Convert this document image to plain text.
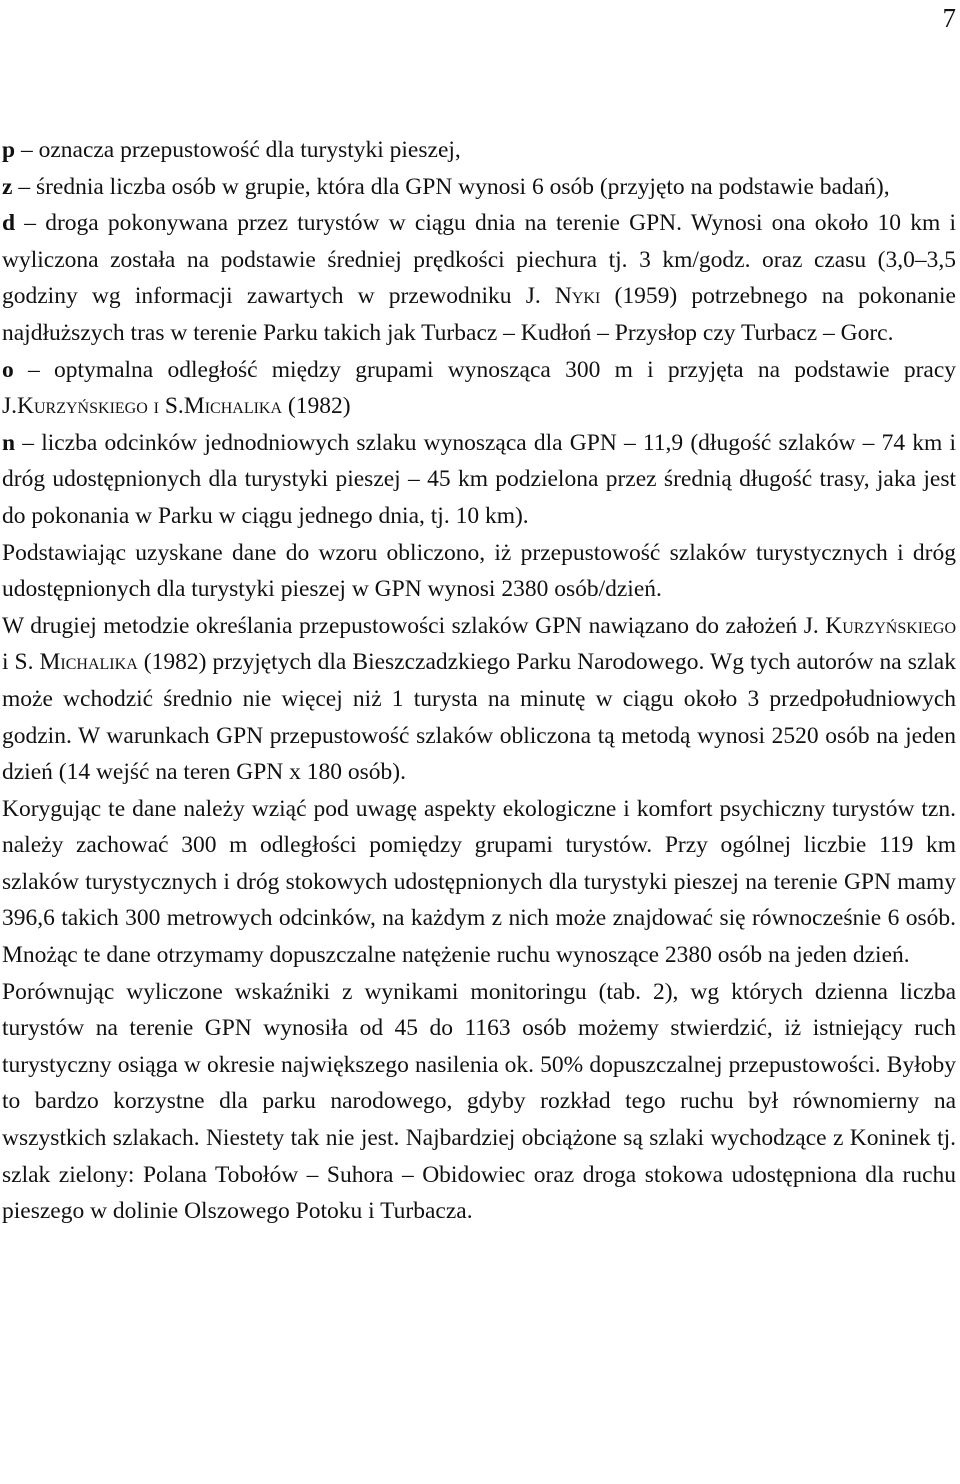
7

p – oznacza przepustowość dla turystyki pieszej,

z – średnia liczba osób w grupie, która dla GPN wynosi 6 osób (przyjęto na podstawie badań),

d – droga pokonywana przez turystów w ciągu dnia na terenie GPN. Wynosi ona około 10 km i wyliczona została na podstawie średniej prędkości piechura tj. 3 km/godz. oraz czasu (3,0–3,5 godziny wg informacji zawartych w przewodniku J. Nyki (1959) potrzebnego na pokonanie najdłuższych tras w terenie Parku takich jak Turbacz – Kudłoń – Przysłop czy Turbacz – Gorc.

o – optymalna odległość między grupami wynosząca 300 m i przyjęta na podstawie pracy J.Kurzyńskiego i S.Michalika (1982)

n – liczba odcinków jednodniowych szlaku wynosząca dla GPN – 11,9 (długość szlaków – 74 km i dróg udostępnionych dla turystyki pieszej – 45 km podzielona przez średnią długość trasy, jaka jest do pokonania w Parku w ciągu jednego dnia, tj. 10 km).

Podstawiając uzyskane dane do wzoru obliczono, iż przepustowość szlaków turystycznych i dróg udostępnionych dla turystyki pieszej w GPN wynosi 2380 osób/dzień.

W drugiej metodzie określania przepustowości szlaków GPN nawiązano do założeń J. Kurzyńskiego i S. Michalika (1982) przyjętych dla Bieszczadzkiego Parku Narodowego. Wg tych autorów na szlak może wchodzić średnio nie więcej niż 1 turysta na minutę w ciągu około 3 przedpołudniowych godzin. W warunkach GPN przepustowość szlaków obliczona tą metodą wynosi 2520 osób na jeden dzień (14 wejść na teren GPN x 180 osób).

Korygując te dane należy wziąć pod uwagę aspekty ekologiczne i komfort psychiczny turystów tzn. należy zachować 300 m odległości pomiędzy grupami turystów. Przy ogólnej liczbie 119 km szlaków turystycznych i dróg stokowych udostępnionych dla turystyki pieszej na terenie GPN mamy 396,6 takich 300 metrowych odcinków, na każdym z nich może znajdować się równocześnie 6 osób. Mnożąc te dane otrzymamy dopuszczalne natężenie ruchu wynoszące 2380 osób na jeden dzień.

Porównując wyliczone wskaźniki z wynikami monitoringu (tab. 2), wg których dzienna liczba turystów na terenie GPN wynosiła od 45 do 1163 osób możemy stwierdzić, iż istniejący ruch turystyczny osiąga w okresie największego nasilenia ok. 50% dopuszczalnej przepustowości. Byłoby to bardzo korzystne dla parku narodowego, gdyby rozkład tego ruchu był równomierny na wszystkich szlakach. Niestety tak nie jest. Najbardziej obciążone są szlaki wychodzące z Koninek tj. szlak zielony: Polana Tobołów – Suhora – Obidowiec oraz droga stokowa udostępniona dla ruchu pieszego w dolinie Olszowego Potoku i Turbacza.
